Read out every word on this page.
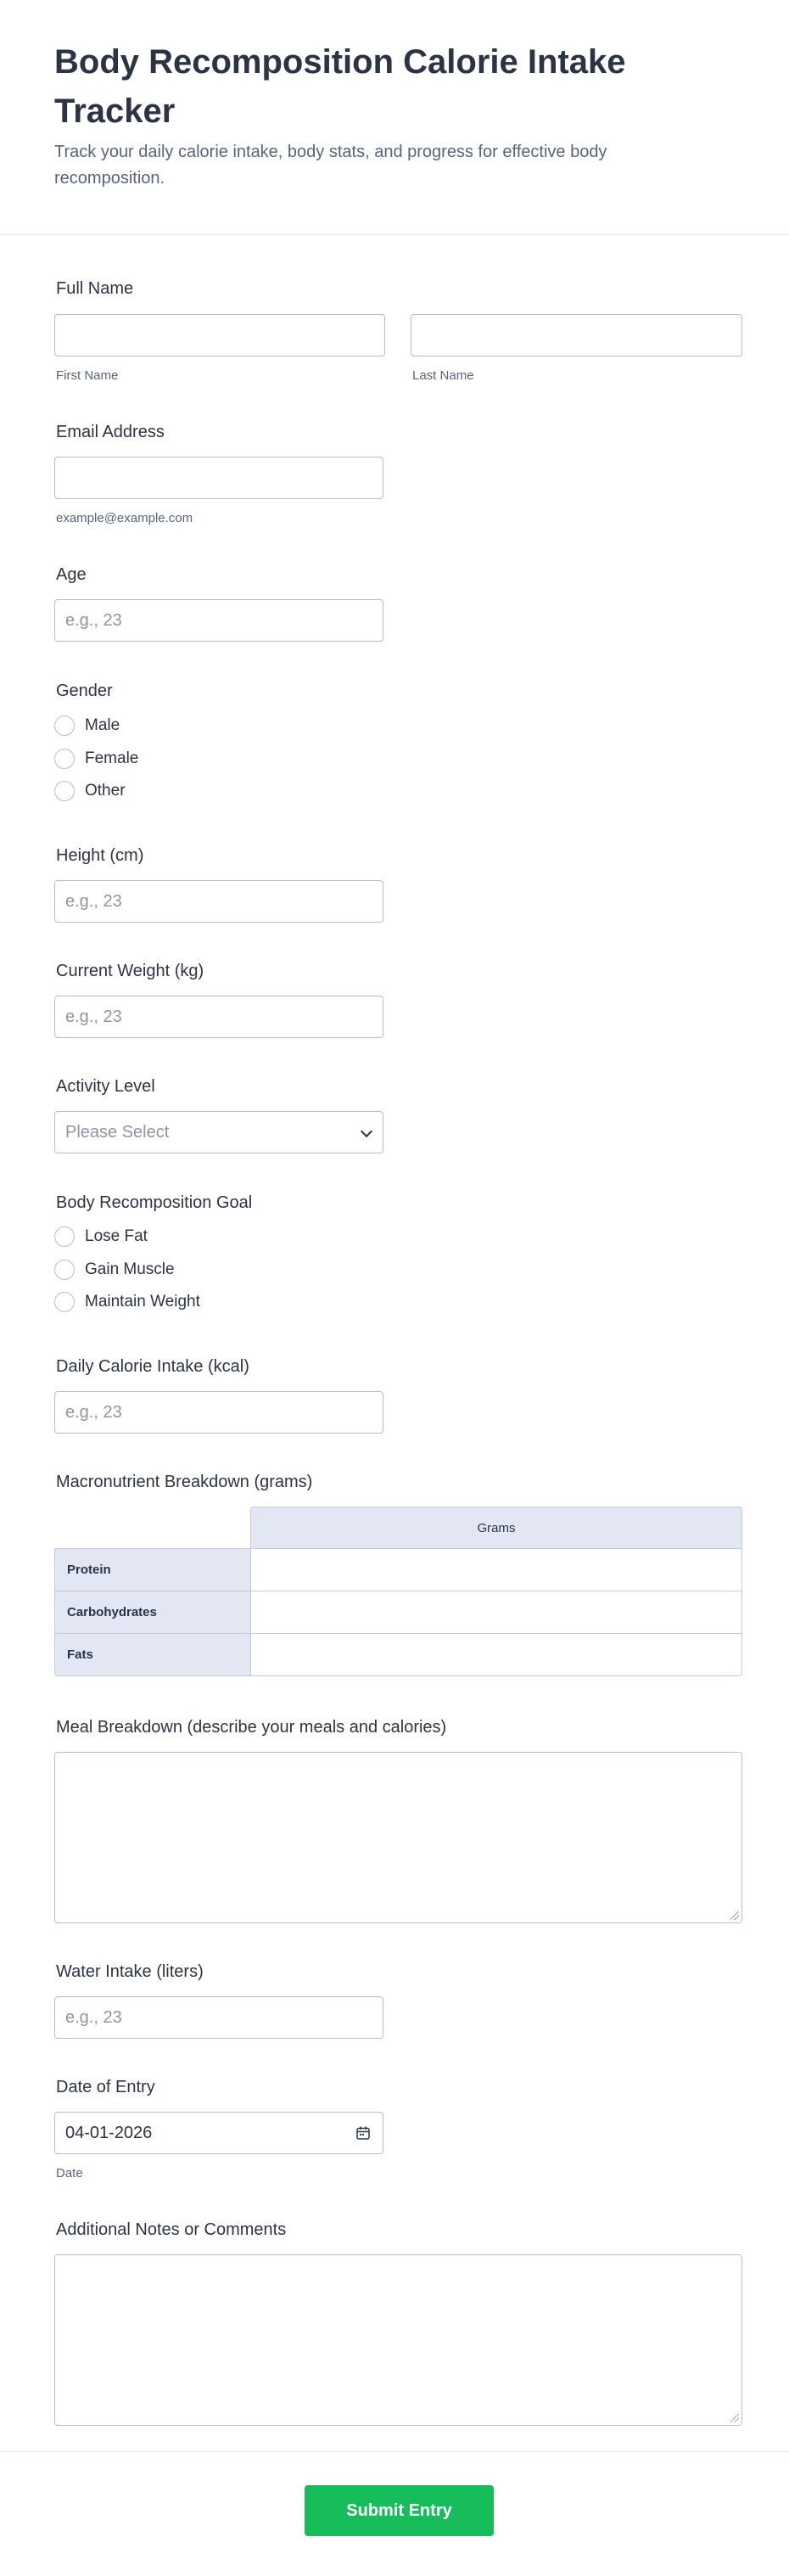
Body Recomposition Calorie Intake Tracker

Track your daily calorie intake, body stats, and progress for effective body recomposition.

Full Name
First Name	Last Name
Email Address
example@example.com
Age
e.g., 23
Gender
Male
Female
Other
Height (cm)
e.g., 23
Current Weight (kg)
e.g., 23
Activity Level
Please Select
Body Recomposition Goal
Lose Fat
Gain Muscle
Maintain Weight
Daily Calorie Intake (kcal)
e.g., 23
Macronutrient Breakdown (grams)
Grams
Protein
Carbohydrates
Fats
Meal Breakdown (describe your meals and calories)
Water Intake (liters)
e.g., 23
Date of Entry
04-01-2026
Date
Additional Notes or Comments
Submit Entry
